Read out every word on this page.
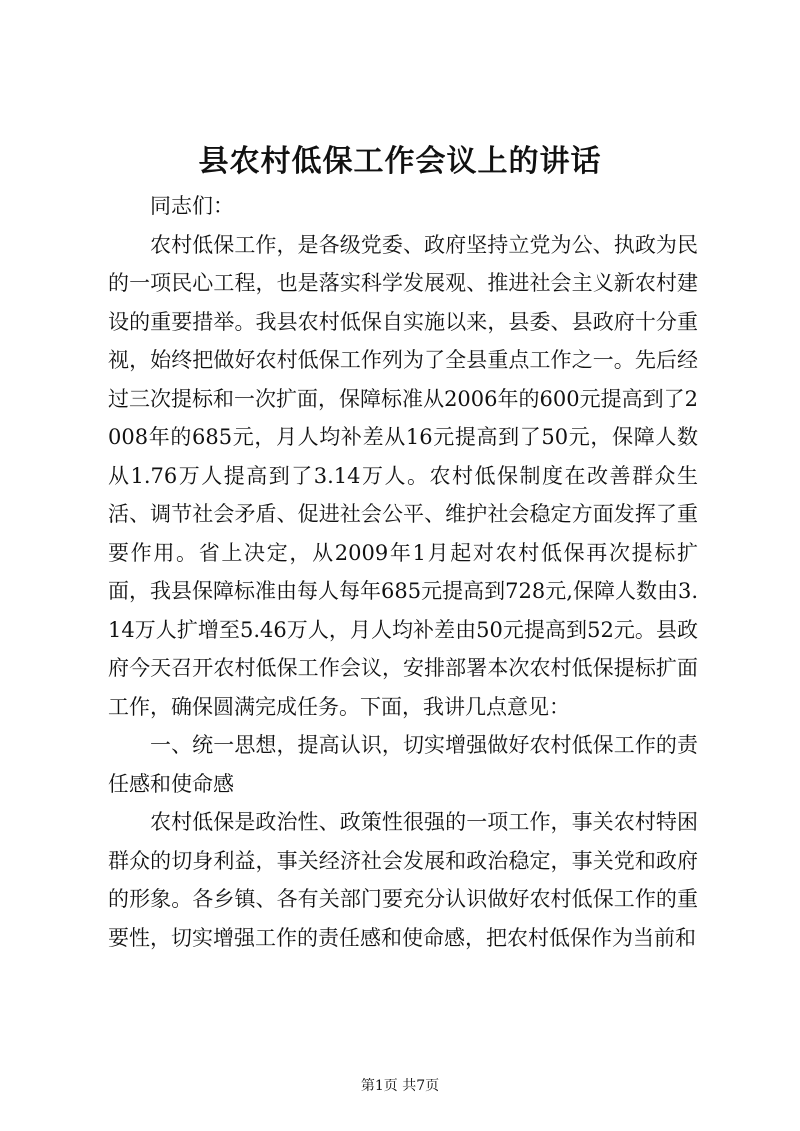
县农村低保工作会议上的讲话

同志们：

农村低保工作，是各级党委、政府坚持立党为公、执政为民的一项民心工程，也是落实科学发展观、推进社会主义新农村建设的重要措举。我县农村低保自实施以来，县委、县政府十分重视，始终把做好农村低保工作列为了全县重点工作之一。先后经过三次提标和一次扩面，保障标准从2006年的600元提高到了2008年的685元，月人均补差从16元提高到了50元，保障人数从1.76万人提高到了3.14万人。农村低保制度在改善群众生活、调节社会矛盾、促进社会公平、维护社会稳定方面发挥了重要作用。省上决定，从2009年1月起对农村低保再次提标扩面，我县保障标准由每人每年685元提高到728元,保障人数由3.14万人扩增至5.46万人，月人均补差由50元提高到52元。县政府今天召开农村低保工作会议，安排部署本次农村低保提标扩面工作，确保圆满完成任务。下面，我讲几点意见：

一、统一思想，提高认识，切实增强做好农村低保工作的责任感和使命感

农村低保是政治性、政策性很强的一项工作，事关农村特困群众的切身利益，事关经济社会发展和政治稳定，事关党和政府的形象。各乡镇、各有关部门要充分认识做好农村低保工作的重要性，切实增强工作的责任感和使命感，把农村低保作为当前和

第1页 共7页
